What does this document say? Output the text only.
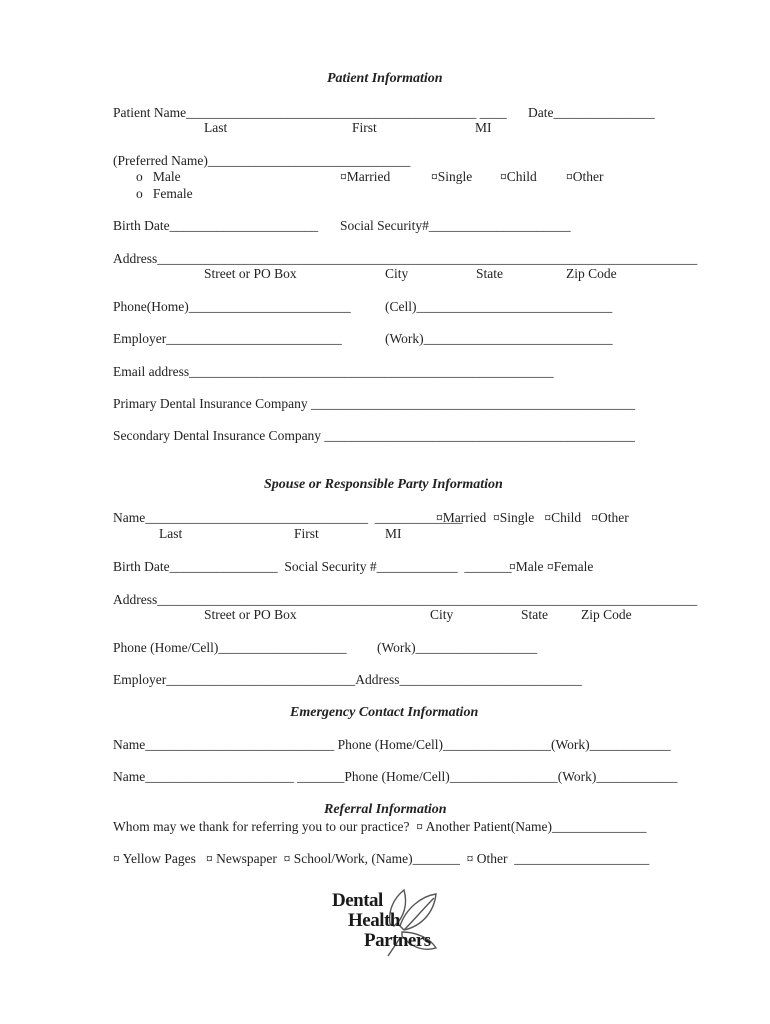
Patient Information
Patient Name___________________________________________ ____ Date_______________
Last	First	MI
(Preferred Name)______________________________
o   Male
o   Female
¤Married	¤Single ¤Child ¤Other
Birth Date______________________ Social Security#_____________________
Address________________________________________________________________________________
Street or PO Box	City	State	Zip Code
Phone(Home)________________________	(Cell)_____________________________
Employer__________________________	(Work)____________________________
Email address______________________________________________________
Primary Dental Insurance Company ________________________________________________
Secondary Dental Insurance Company ______________________________________________
Spouse or Responsible Party Information
Name_________________________________  _____________
¤Married  ¤Single   ¤Child   ¤Other
Last	First	MI
Birth Date________________  Social Security #____________  _______
¤Male ¤Female
Address________________________________________________________________________________
Street or PO Box	City	State Zip Code
Phone (Home/Cell)___________________ (Work)__________________
Employer____________________________Address___________________________
Emergency Contact Information
Name____________________________ Phone (Home/Cell)________________(Work)____________
Name______________________ _______Phone (Home/Cell)________________(Work)____________
Referral Information
Whom may we thank for referring you to our practice?  ¤ Another Patient(Name)______________
¤ Yellow Pages   ¤ Newspaper  ¤ School/Work, (Name)_______  ¤ Other  ____________________
Dental
Health
Partners
